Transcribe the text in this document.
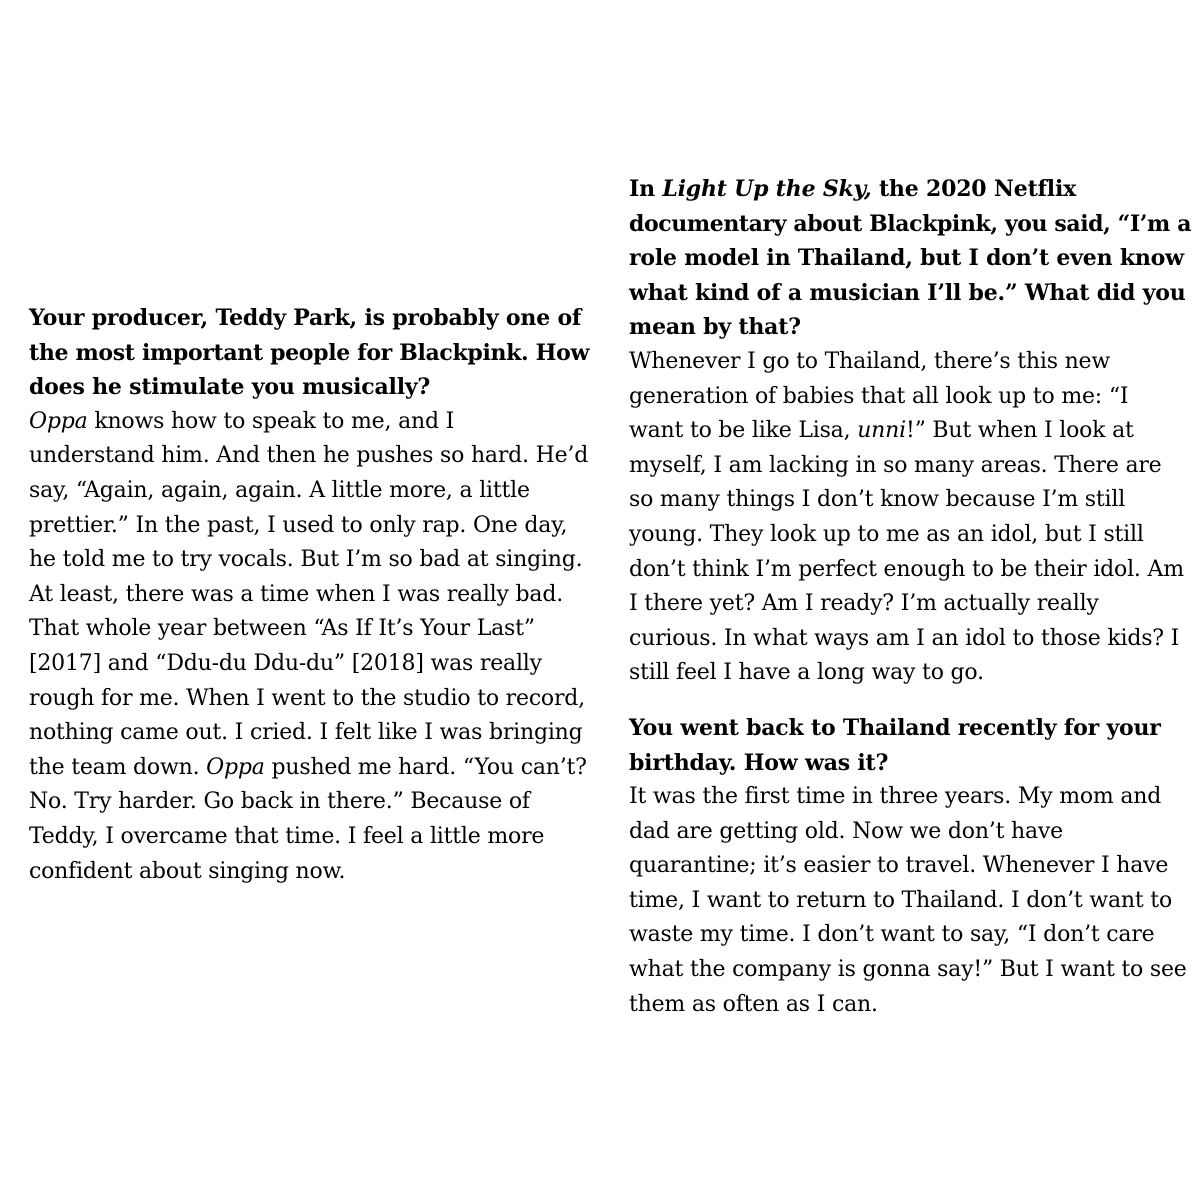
Your producer, Teddy Park, is probably one of
the most important people for Blackpink. How
does he stimulate you musically?
Oppa knows how to speak to me, and I
understand him. And then he pushes so hard. He’d
say, “Again, again, again. A little more, a little
prettier.” In the past, I used to only rap. One day,
he told me to try vocals. But I’m so bad at singing.
At least, there was a time when I was really bad.
That whole year between “As If It’s Your Last”
[2017] and “Ddu-du Ddu-du” [2018] was really
rough for me. When I went to the studio to record,
nothing came out. I cried. I felt like I was bringing
the team down. Oppa pushed me hard. “You can’t?
No. Try harder. Go back in there.” Because of
Teddy, I overcame that time. I feel a little more
confident about singing now.
In Light Up the Sky, the 2020 Netflix
documentary about Blackpink, you said, “I’m a
role model in Thailand, but I don’t even know
what kind of a musician I’ll be.” What did you
mean by that?
Whenever I go to Thailand, there’s this new
generation of babies that all look up to me: “I
want to be like Lisa, unni!” But when I look at
myself, I am lacking in so many areas. There are
so many things I don’t know because I’m still
young. They look up to me as an idol, but I still
don’t think I’m perfect enough to be their idol. Am
I there yet? Am I ready? I’m actually really
curious. In what ways am I an idol to those kids? I
still feel I have a long way to go.
You went back to Thailand recently for your
birthday. How was it?
It was the first time in three years. My mom and
dad are getting old. Now we don’t have
quarantine; it’s easier to travel. Whenever I have
time, I want to return to Thailand. I don’t want to
waste my time. I don’t want to say, “I don’t care
what the company is gonna say!” But I want to see
them as often as I can.
